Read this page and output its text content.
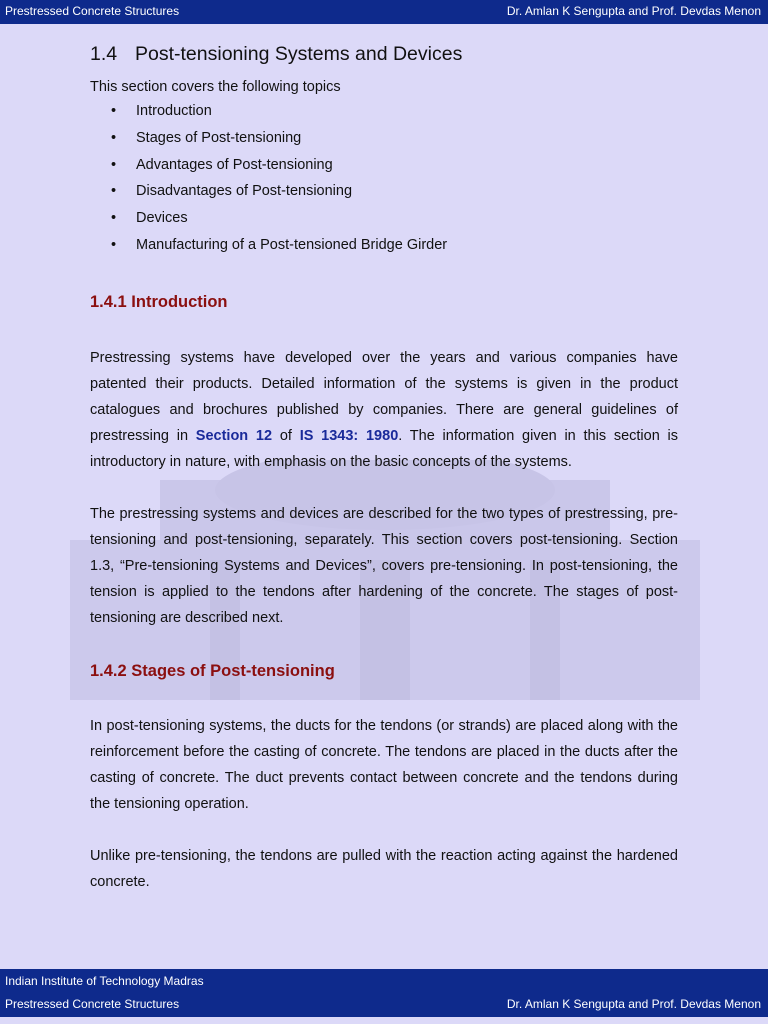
Prestressed Concrete Structures	Dr. Amlan K Sengupta and Prof. Devdas Menon
1.4 Post-tensioning Systems and Devices
This section covers the following topics
• Introduction
• Stages of Post-tensioning
• Advantages of Post-tensioning
• Disadvantages of Post-tensioning
• Devices
• Manufacturing of a Post-tensioned Bridge Girder
1.4.1 Introduction

Prestressing systems have developed over the years and various companies have patented their products. Detailed information of the systems is given in the product catalogues and brochures published by companies. There are general guidelines of prestressing in Section 12 of IS 1343: 1980. The information given in this section is introductory in nature, with emphasis on the basic concepts of the systems.

The prestressing systems and devices are described for the two types of prestressing, pre-tensioning and post-tensioning, separately. This section covers post-tensioning. Section 1.3, “Pre-tensioning Systems and Devices”, covers pre-tensioning. In post-tensioning, the tension is applied to the tendons after hardening of the concrete. The stages of post-tensioning are described next.

1.4.2 Stages of Post-tensioning

In post-tensioning systems, the ducts for the tendons (or strands) are placed along with the reinforcement before the casting of concrete. The tendons are placed in the ducts after the casting of concrete. The duct prevents contact between concrete and the tendons during the tensioning operation.

Unlike pre-tensioning, the tendons are pulled with the reaction acting against the hardened concrete.

Indian Institute of Technology Madras
Prestressed Concrete Structures	Dr. Amlan K Sengupta and Prof. Devdas Menon
